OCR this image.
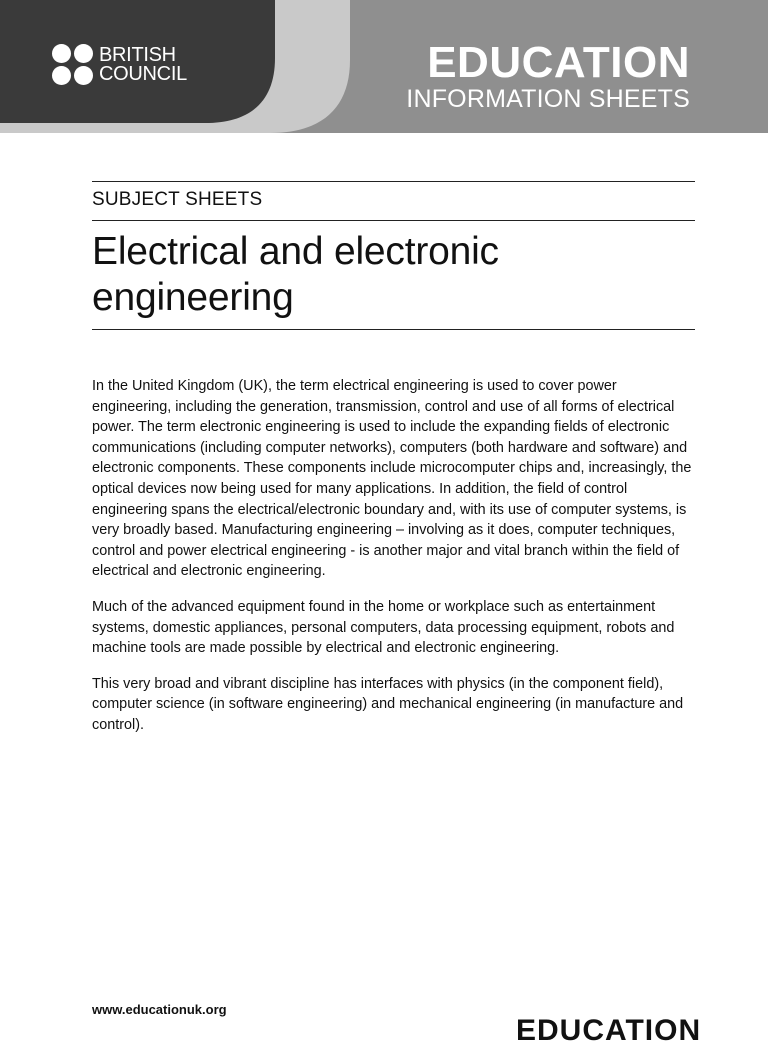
BRITISH
COUNCIL	EDUCATION
INFORMATION SHEETS
SUBJECT SHEETS
Electrical and electronic engineering

In the United Kingdom (UK), the term electrical engineering is used to cover power engineering, including the generation, transmission, control and use of all forms of electrical power. The term electronic engineering is used to include the expanding fields of electronic communications (including computer networks), computers (both hardware and software) and electronic components. These components include microcomputer chips and, increasingly, the optical devices now being used for many applications. In addition, the field of control engineering spans the electrical/electronic boundary and, with its use of computer systems, is very broadly based. Manufacturing engineering – involving as it does, computer techniques, control and power electrical engineering - is another major and vital branch within the field of electrical and electronic engineering.

Much of the advanced equipment found in the home or workplace such as entertainment systems, domestic appliances, personal computers, data processing equipment, robots and machine tools are made possible by electrical and electronic engineering.

This very broad and vibrant discipline has interfaces with physics (in the component field), computer science (in software engineering) and mechanical engineering (in manufacture and control).

www.educationuk.org
EDUCATION
